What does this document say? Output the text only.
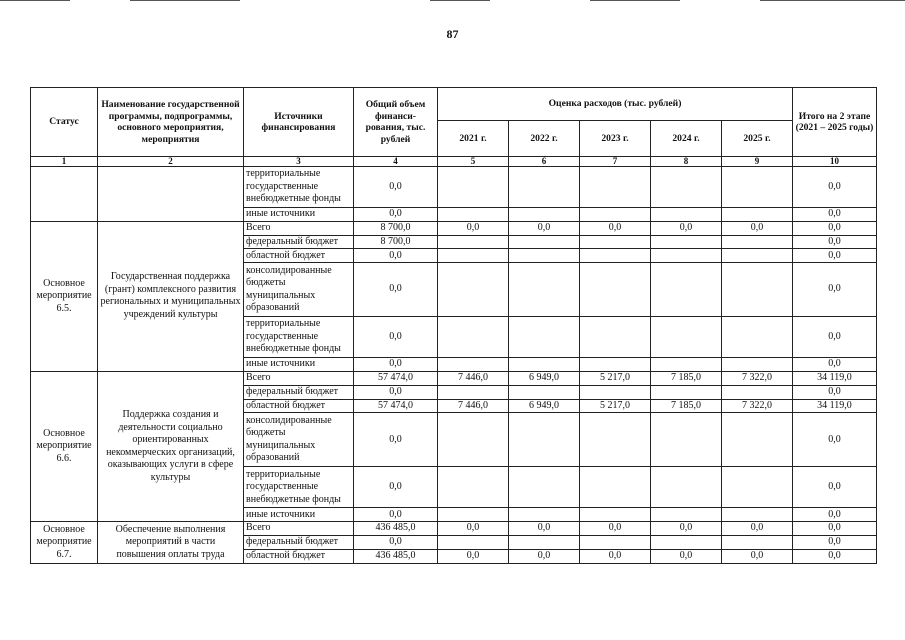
87
Статус	Наименование государственной программы, подпрограммы, основного мероприятия, мероприятия	Источники финансирования	Общий объем финанси- рования, тыс. рублей	Оценка расходов (тыс. рублей)					Итого на 2 этапе (2021 – 2025 годы)
				2021 г.	2022 г.	2023 г.	2024 г.	2025 г.	
1	2	3	4	5	6	7	8	9	10
		территориальные государственные внебюджетные фонды	0,0						0,0
		иные источники	0,0						0,0
Основное мероприятие 6.5.	Государственная поддержка (грант) комплексного развития региональных и муниципальных учреждений культуры	Всего	8 700,0	0,0	0,0	0,0	0,0	0,0	0,0
		федеральный бюджет	8 700,0						0,0
		областной бюджет	0,0						0,0
		консолидированные бюджеты муниципальных образований	0,0						0,0
		территориальные государственные внебюджетные фонды	0,0						0,0
		иные источники	0,0						0,0
Основное мероприятие 6.6.	Поддержка создания и деятельности социально ориентированных некоммерческих организаций, оказывающих услуги в сфере культуры	Всего	57 474,0	7 446,0	6 949,0	5 217,0	7 185,0	7 322,0	34 119,0
		федеральный бюджет	0,0						0,0
		областной бюджет	57 474,0	7 446,0	6 949,0	5 217,0	7 185,0	7 322,0	34 119,0
		консолидированные бюджеты муниципальных образований	0,0						0,0
		территориальные государственные внебюджетные фонды	0,0						0,0
		иные источники	0,0						0,0
Основное мероприятие 6.7.	Обеспечение выполнения мероприятий в части повышения оплаты труда	Всего	436 485,0	0,0	0,0	0,0	0,0	0,0	0,0
		федеральный бюджет	0,0						0,0
		областной бюджет	436 485,0	0,0	0,0	0,0	0,0	0,0	0,0
